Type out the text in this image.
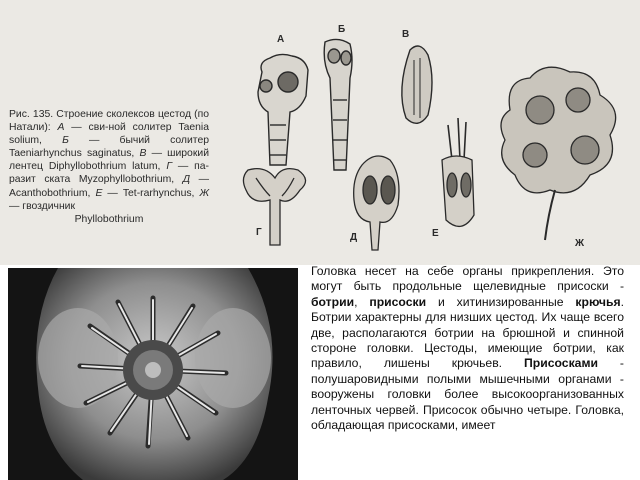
А
Б	В
Г	Д	Е
Ж
Рис. 135. Строение сколексов цестод (по Натали): А — сви-ной солитер Taenia solium, Б — бычий солитер Taeniarhynchus saginatus, В — широкий лентец Diphyllobothrium latum, Г — па-разит ската Myzophyllobothrium, Д — Acanthobothrium, Е — Tet-rarhynchus, Ж — гвоздичник
Phyllobothrium
Головка несет на себе органы прикрепления. Это могут быть продольные щелевидные присоски - ботрии, присоски и хитинизированные крючья. Ботрии характерны для низших цестод. Их чаще всего две, располагаются ботрии на брюшной и спинной стороне головки. Цестоды, имеющие ботрии, как правило, лишены крючьев. Присосками - полушаровидными полыми мышечными органами - вооружены головки более высокоорганизованных ленточных червей. Присосок обычно четыре. Головка, обладающая присосками, имеет
